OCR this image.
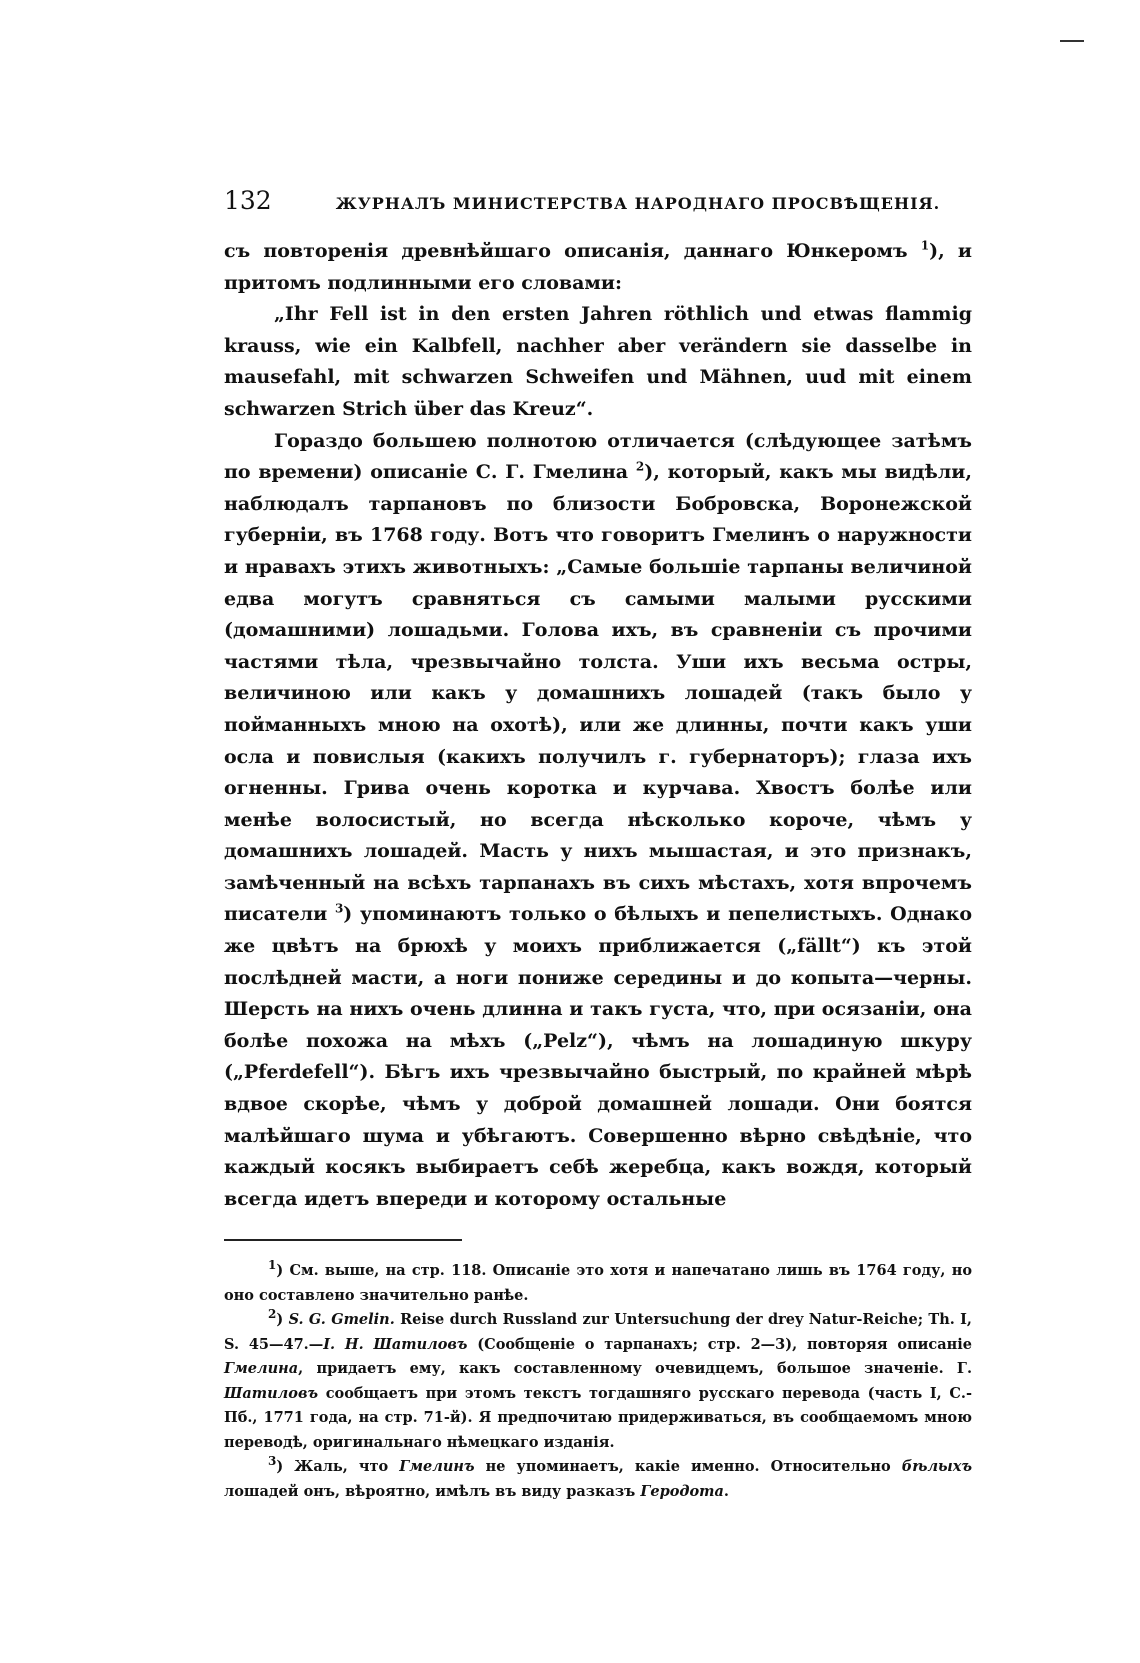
132	ЖУРНАЛЪ МИНИСТЕРСТВА НАРОДНАГО ПРОСВѢЩЕНІЯ.

съ повторенія древнѣйшаго описанія, даннаго Юнкеромъ $^1$), и притомъ подлинными его словами:

„Ihr Fell ist in den ersten Jahren röthlich und etwas flammig krauss, wie ein Kalbfell, nachher aber verändern sie dasselbe in mausefahl, mit schwarzen Schweifen und Mähnen, uud mit einem schwarzen Strich über das Kreuz“.

Гораздо большею полнотою отличается (слѣдующее затѣмъ по времени) описаніе С. Г. Гмелина $^2$), который, какъ мы видѣли, наблюдалъ тарпановъ по близости Бобровска, Воронежской губерніи, въ 1768 году. Вотъ что говоритъ Гмелинъ о наружности и нравахъ этихъ животныхъ: „Самые большіе тарпаны величиной едва могутъ сравняться съ самыми малыми русскими (домашними) лошадьми. Голова ихъ, въ сравненіи съ прочими частями тѣла, чрезвычайно толста. Уши ихъ весьма остры, величиною или какъ у домашнихъ лошадей (такъ было у пойманныхъ мною на охотѣ), или же длинны, почти какъ уши осла и повислыя (какихъ получилъ г. губернаторъ); глаза ихъ огненны. Грива очень коротка и курчава. Хвостъ болѣе или менѣе волосистый, но всегда нѣсколько короче, чѣмъ у домашнихъ лошадей. Масть у нихъ мышастая, и это признакъ, замѣченный на всѣхъ тарпанахъ въ сихъ мѣстахъ, хотя впрочемъ писатели $^3$) упоминаютъ только о бѣлыхъ и пепелистыхъ. Однако же цвѣтъ на брюхѣ у моихъ приближается („fällt“) къ этой послѣдней масти, а ноги пониже середины и до копыта—черны. Шерсть на нихъ очень длинна и такъ густа, что, при осязаніи, она болѣе похожа на мѣхъ („Pelz“), чѣмъ на лошадиную шкуру („Pferdefell“). Бѣгъ ихъ чрезвычайно быстрый, по крайней мѣрѣ вдвое скорѣе, чѣмъ у доброй домашней лошади. Они боятся малѣйшаго шума и убѣгаютъ. Совершенно вѣрно свѣдѣніе, что каждый косякъ выбираетъ себѣ жеребца, какъ вождя, который всегда идетъ впереди и которому остальные

$^1$) См. выше, на стр. 118. Описаніе это хотя и напечатано лишь въ 1764 году, но оно составлено значительно ранѣе.

$^2$) S. G. Gmelin. Reise durch Russland zur Untersuchung der drey Natur-Reiche; Th. I, S. 45—47.—І. Н. Шатиловъ (Сообщеніе о тарпанахъ; стр. 2—3), повторяя описаніе Гмелина, придаетъ ему, какъ составленному очевидцемъ, большое значеніе. Г. Шатиловъ сообщаетъ при этомъ текстъ тогдашняго русскаго перевода (часть I, С.-Пб., 1771 года, на стр. 71-й). Я предпочитаю придерживаться, въ сообщаемомъ мною переводѣ, оригинальнаго нѣмецкаго изданія.

$^3$) Жаль, что Гмелинъ не упоминаетъ, какіе именно. Относительно бѣлыхъ лошадей онъ, вѣроятно, имѣлъ въ виду разказъ Геродота.
